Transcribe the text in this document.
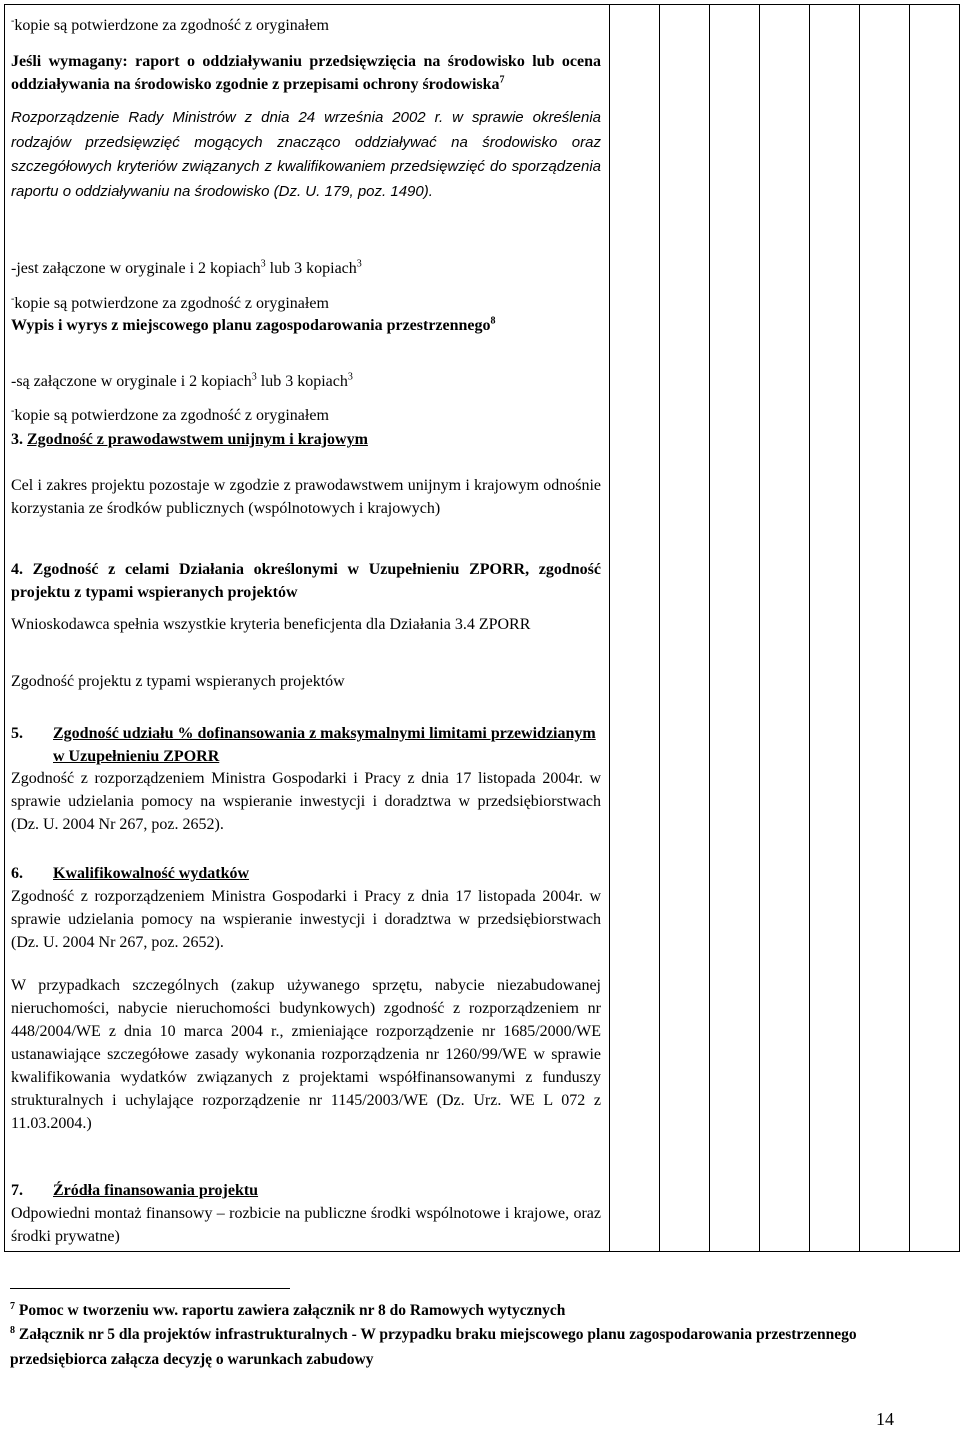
-kopie są potwierdzone za zgodność z oryginałem
Jeśli wymagany: raport o oddziaływaniu przedsięwzięcia na środowisko lub ocena oddziaływania na środowisko zgodnie z przepisami ochrony środowiska$^7$
Rozporządzenie Rady Ministrów z dnia 24 września 2002 r. w sprawie określenia rodzajów przedsięwzięć mogących znacząco oddziaływać na środowisko oraz szczegółowych kryteriów związanych z kwalifikowaniem przedsięwzięć do sporządzenia raportu o oddziaływaniu na środowisko (Dz. U. 179, poz. 1490).
-jest załączone w oryginale i 2 kopiach$^3$ lub 3 kopiach$^3$
-kopie są potwierdzone za zgodność z oryginałem
Wypis i wyrys z miejscowego planu zagospodarowania przestrzennego$^8$
-są załączone w oryginale i 2 kopiach$^3$ lub 3 kopiach$^3$
-kopie są potwierdzone za zgodność z oryginałem
3. Zgodność z prawodawstwem unijnym i krajowym
Cel i zakres projektu pozostaje w zgodzie z prawodawstwem unijnym i krajowym odnośnie korzystania ze środków publicznych (wspólnotowych i krajowych)
4. Zgodność z celami Działania określonymi w Uzupełnieniu ZPORR, zgodność projektu z typami wspieranych projektów
Wnioskodawca spełnia wszystkie kryteria beneficjenta dla Działania 3.4 ZPORR
Zgodność projektu z typami wspieranych projektów
5. Zgodność udziału % dofinansowania z maksymalnymi limitami przewidzianym w Uzupełnieniu ZPORR
Zgodność z rozporządzeniem Ministra Gospodarki i Pracy z dnia 17 listopada 2004r. w sprawie udzielania pomocy na wspieranie inwestycji i doradztwa w przedsiębiorstwach (Dz. U. 2004 Nr 267, poz. 2652).
6. Kwalifikowalność wydatków
Zgodność z rozporządzeniem Ministra Gospodarki i Pracy z dnia 17 listopada 2004r. w sprawie udzielania pomocy na wspieranie inwestycji i doradztwa w przedsiębiorstwach (Dz. U. 2004 Nr 267, poz. 2652).
W przypadkach szczególnych (zakup używanego sprzętu, nabycie niezabudowanej nieruchomości, nabycie nieruchomości budynkowych) zgodność z rozporządzeniem nr 448/2004/WE z dnia 10 marca 2004 r., zmieniające rozporządzenie nr 1685/2000/WE ustanawiające szczegółowe zasady wykonania rozporządzenia nr 1260/99/WE w sprawie kwalifikowania wydatków związanych z projektami współfinansowanymi z funduszy strukturalnych i uchylające rozporządzenie nr 1145/2003/WE (Dz. Urz. WE L 072 z 11.03.2004.)
7. Źródła finansowania projektu
Odpowiedni montaż finansowy – rozbicie na publiczne środki wspólnotowe i krajowe, oraz środki prywatne)

$^7$ Pomoc w tworzeniu ww. raportu zawiera załącznik nr 8 do Ramowych wytycznych
$^8$ Załącznik nr 5 dla projektów infrastrukturalnych - W przypadku braku miejscowego planu zagospodarowania przestrzennego przedsiębiorca załącza decyzję o warunkach zabudowy
14
